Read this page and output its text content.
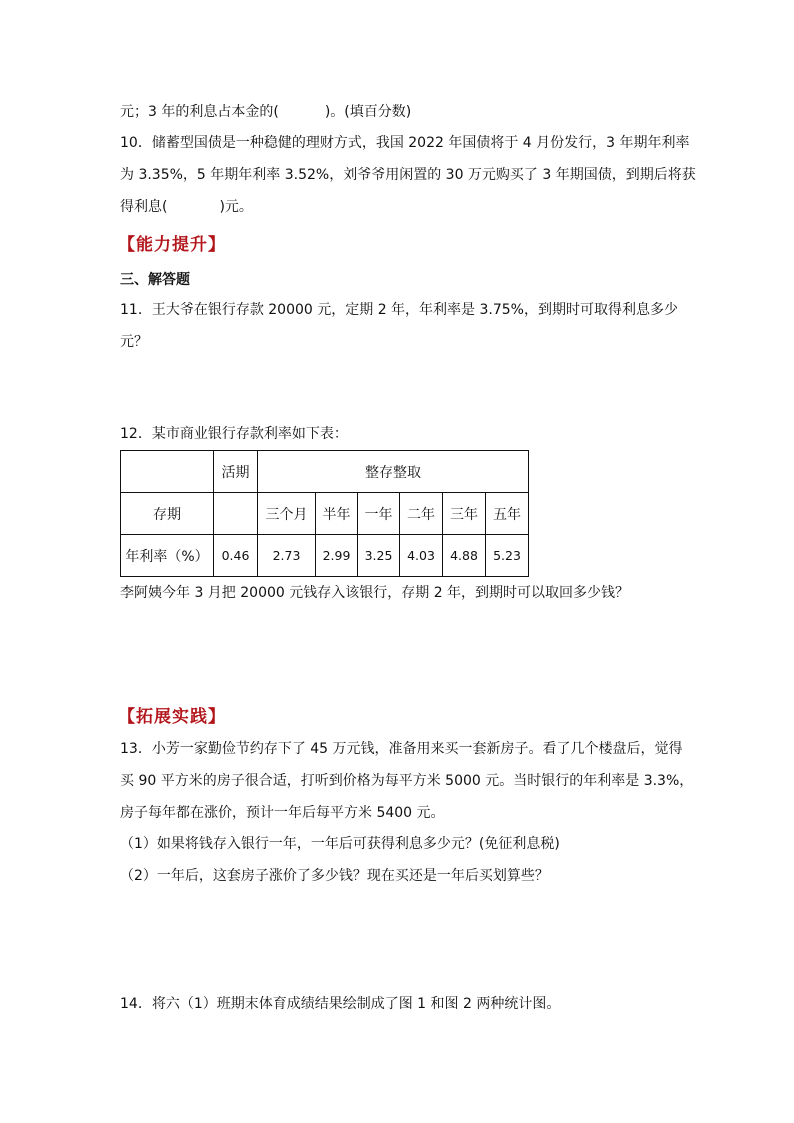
元；3 年的利息占本金的(	)。(填百分数)
10．储蓄型国债是一种稳健的理财方式，我国 2022 年国债将于 4 月份发行，3 年期年利率
为 3.35%，5 年期年利率 3.52%，刘爷爷用闲置的 30 万元购买了 3 年期国债，到期后将获
得利息(	)元。
【能力提升】
三、解答题
11．王大爷在银行存款 20000 元，定期 2 年，年利率是 3.75%，到期时可取得利息多少
元？
12．某市商业银行存款利率如下表：
	活期	整存整取					
存期		三个月	半年	一年	二年	三年	五年
年利率（%）	0.46	2.73	2.99	3.25	4.03	4.88	5.23
李阿姨今年 3 月把 20000 元钱存入该银行，存期 2 年，到期时可以取回多少钱？
【拓展实践】
13．小芳一家勤俭节约存下了 45 万元钱，准备用来买一套新房子。看了几个楼盘后，觉得
买 90 平方米的房子很合适，打听到价格为每平方米 5000 元。当时银行的年利率是 3.3%，
房子每年都在涨价，预计一年后每平方米 5400 元。
（1）如果将钱存入银行一年，一年后可获得利息多少元？(免征利息税)
（2）一年后，这套房子涨价了多少钱？现在买还是一年后买划算些？
14．将六（1）班期末体育成绩结果绘制成了图 1 和图 2 两种统计图。
